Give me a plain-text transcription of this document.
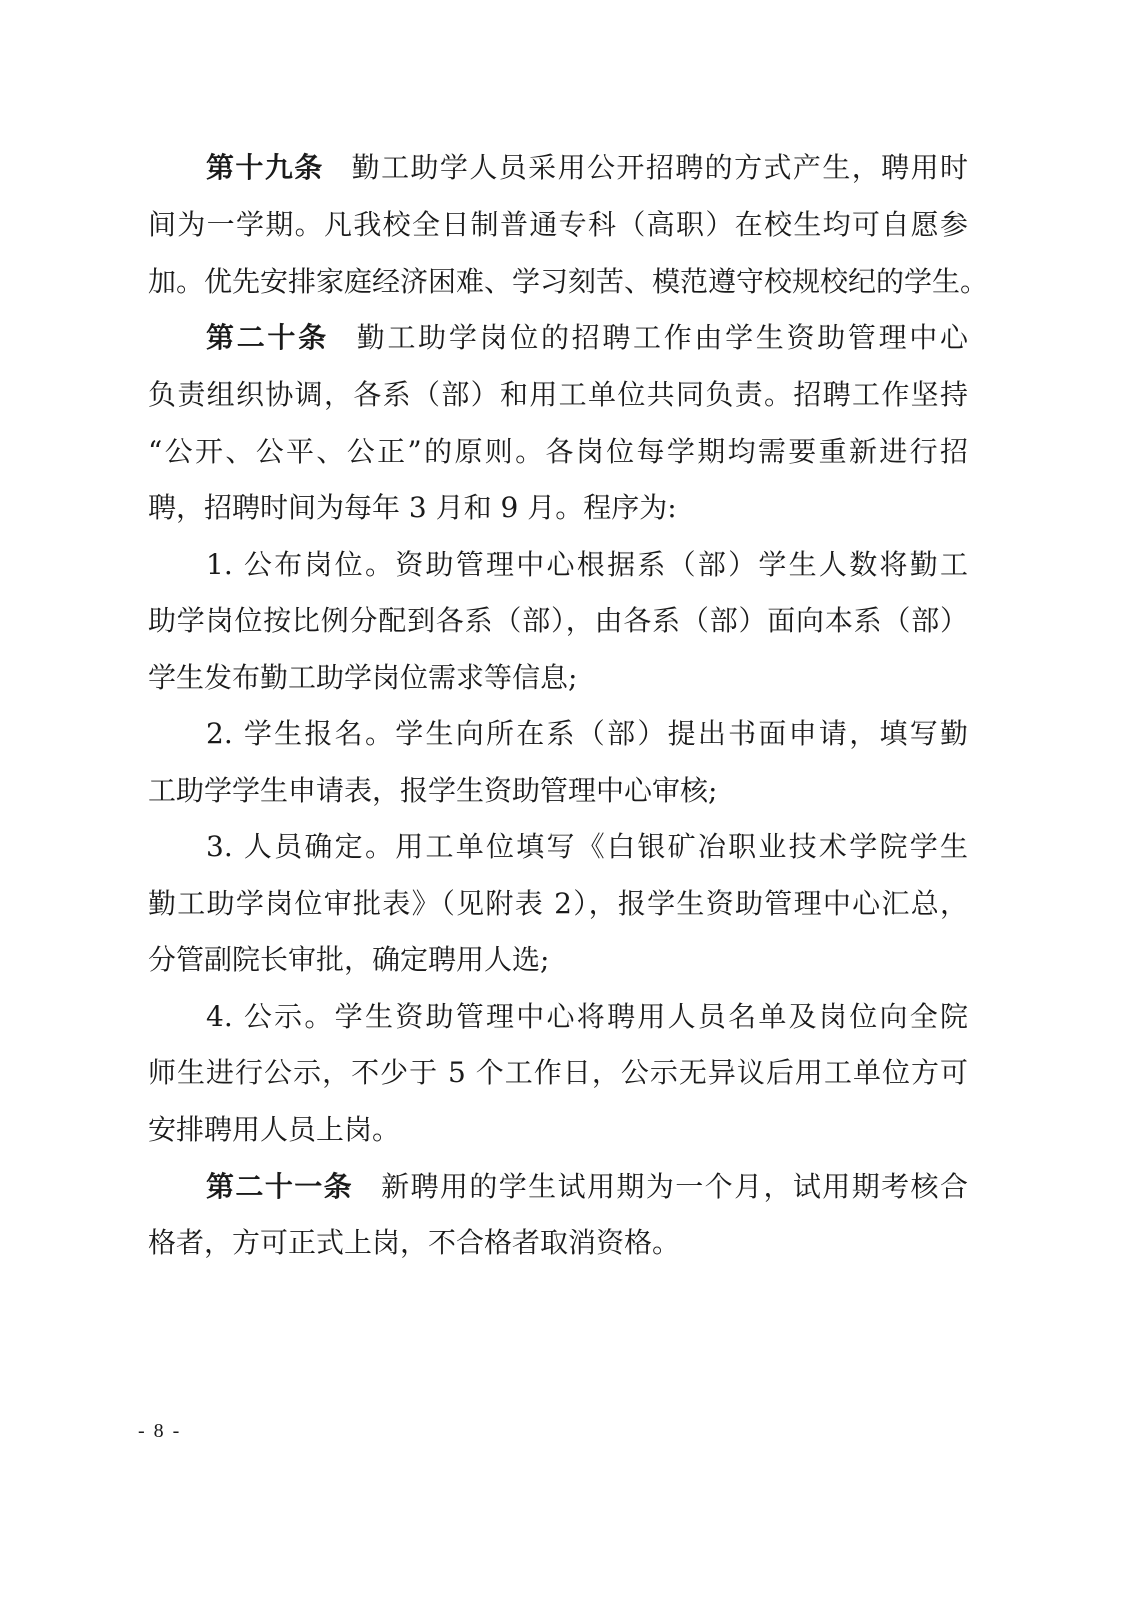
第十九条 勤工助学人员采用公开招聘的方式产生，聘用时
间为一学期。凡我校全日制普通专科（高职）在校生均可自愿参
加。优先安排家庭经济困难、学习刻苦、模范遵守校规校纪的学生。
第二十条 勤工助学岗位的招聘工作由学生资助管理中心
负责组织协调，各系（部）和用工单位共同负责。招聘工作坚持
“公开、公平、公正”的原则。各岗位每学期均需要重新进行招
聘，招聘时间为每年 3 月和 9 月。程序为:
1. 公布岗位。资助管理中心根据系（部）学生人数将勤工
助学岗位按比例分配到各系（部），由各系（部）面向本系（部）
学生发布勤工助学岗位需求等信息;
2. 学生报名。学生向所在系（部）提出书面申请，填写勤
工助学学生申请表，报学生资助管理中心审核;
3. 人员确定。用工单位填写《白银矿冶职业技术学院学生
勤工助学岗位审批表》（见附表 2），报学生资助管理中心汇总，
分管副院长审批，确定聘用人选;
4. 公示。学生资助管理中心将聘用人员名单及岗位向全院
师生进行公示，不少于 5 个工作日，公示无异议后用工单位方可
安排聘用人员上岗。
第二十一条 新聘用的学生试用期为一个月，试用期考核合
格者，方可正式上岗，不合格者取消资格。
- 8 -
